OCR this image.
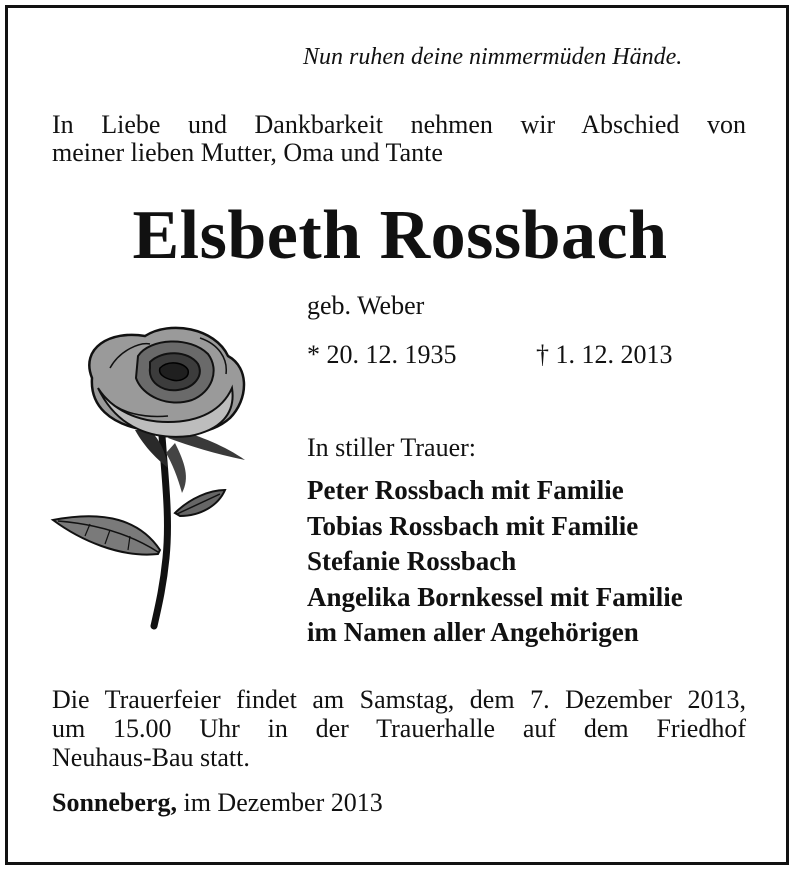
Nun ruhen deine nimmermüden Hände.

In Liebe und Dankbarkeit nehmen wir Abschied von
meiner lieben Mutter, Oma und Tante

Elsbeth Rossbach

geb. Weber

* 20. 12. 1935	† 1. 12. 2013

In stiller Trauer:

Peter Rossbach mit Familie
Tobias Rossbach mit Familie
Stefanie Rossbach
Angelika Bornkessel mit Familie
im Namen aller Angehörigen
Die Trauerfeier findet am Samstag, dem 7. Dezember 2013,
um 15.00 Uhr in der Trauerhalle auf dem Friedhof
Neuhaus-Bau statt.

Sonneberg, im Dezember 2013
